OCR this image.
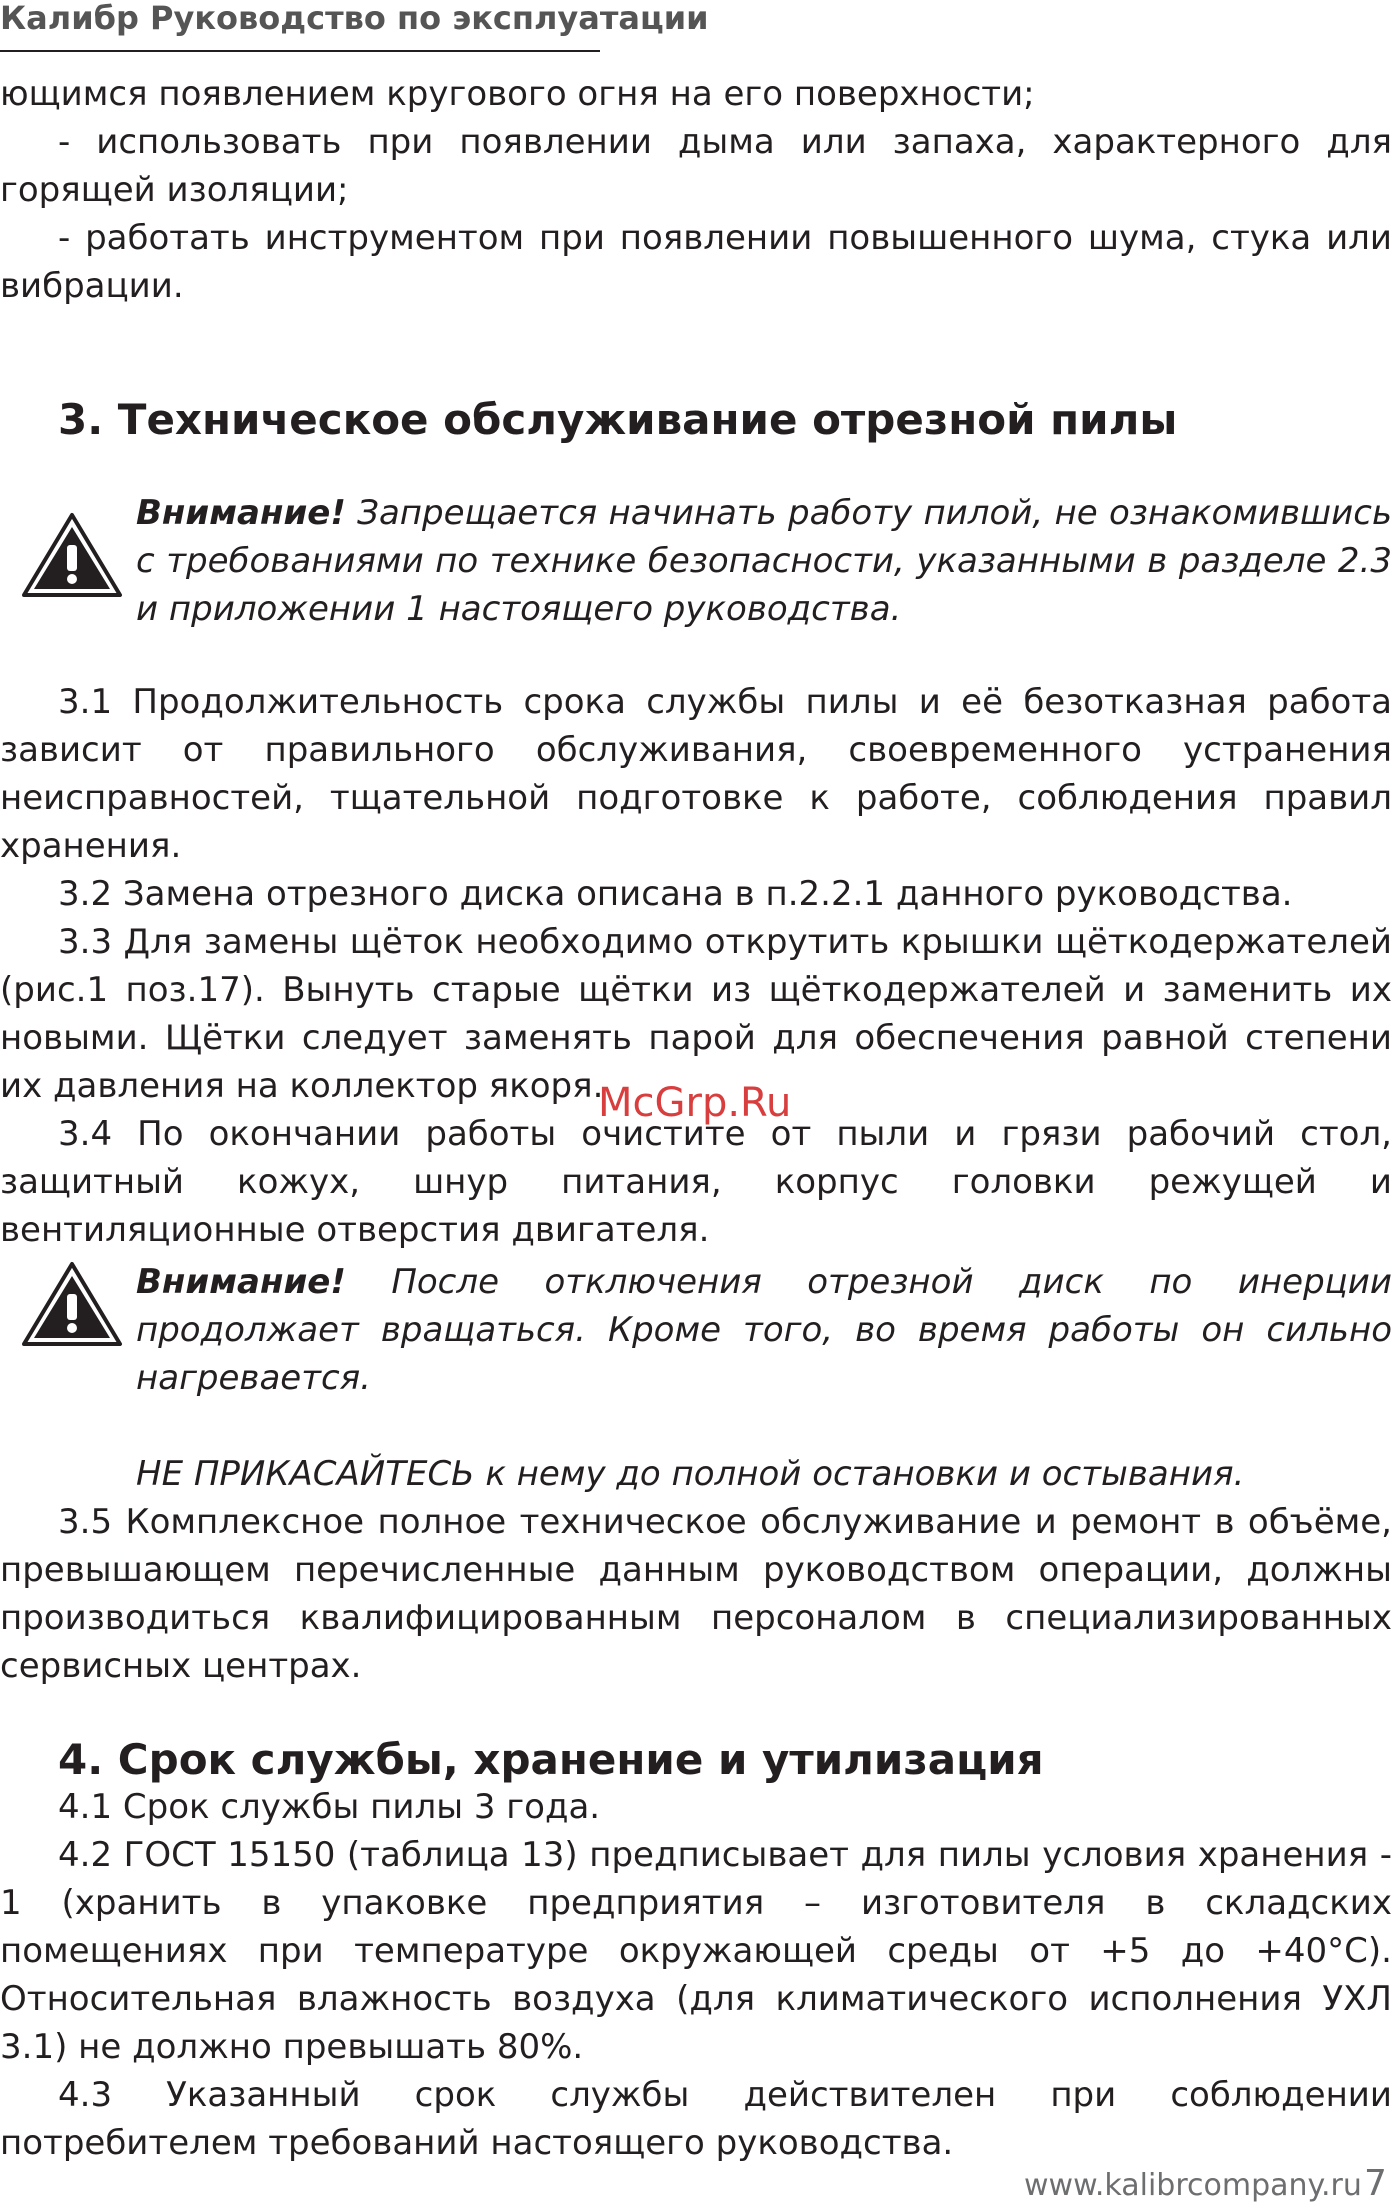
Калибр Руководство по эксплуатации
ющимся появлением кругового огня на его поверхности;
- использовать при появлении дыма или запаха, характерного для горящей изоляции;
- работать инструментом при появлении повышенного шума, стука или вибрации.
3. Техническое обслуживание отрезной пилы
Внимание! Запрещается начинать работу пилой, не ознакомившись с требованиями по технике безопасности, указанными в разделе 2.3 и приложении 1 настоящего руководства.
3.1 Продолжительность срока службы пилы и её безотказная работа зависит от правильного обслуживания, своевременного устранения неисправностей, тщательной подготовке к работе, соблюдения правил хранения.
3.2 Замена отрезного диска описана в п.2.2.1 данного руководства.
3.3 Для замены щёток необходимо открутить крышки щёткодержателей (рис.1 поз.17). Вынуть старые щётки из щёткодержателей и заменить их новыми. Щётки следует заменять парой для обеспечения равной степени их давления на коллектор якоря.
3.4 По окончании работы очистите от пыли и грязи рабочий стол, защитный кожух, шнур питания, корпус головки режущей и вентиляционные отверстия двигателя.
Внимание! После отключения отрезной диск по инерции продолжает вращаться. Кроме того, во время работы он сильно нагревается.
НЕ ПРИКАСАЙТЕСЬ к нему до полной остановки и остывания.
3.5 Комплексное полное техническое обслуживание и ремонт в объёме, превышающем перечисленные данным руководством операции, должны производиться квалифицированным персоналом в специализированных сервисных центрах.
4. Срок службы, хранение и утилизация
4.1 Срок службы пилы 3 года.
4.2 ГОСТ 15150 (таблица 13) предписывает для пилы условия хранения - 1 (хранить в упаковке предприятия – изготовителя в складских помещениях при температуре окружающей среды от +5 до +40°С). Относительная влажность воздуха (для климатического исполнения УХЛ 3.1) не должно превышать 80%.
4.3 Указанный срок службы действителен при соблюдении потребителем требований настоящего руководства.
McGrp.Ru
www.kalibrcompany.ru 7
